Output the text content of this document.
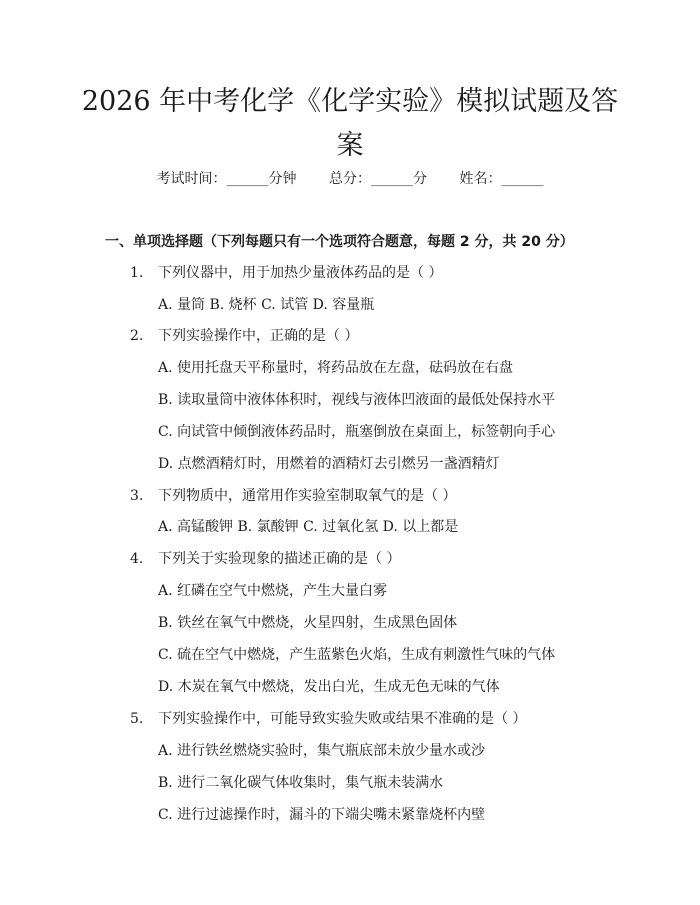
2026 年中考化学《化学实验》模拟试题及答
案
考试时间：______分钟 总分：______分 姓名：______
一、单项选择题（下列每题只有一个选项符合题意，每题 2 分，共 20 分）
1. 下列仪器中，用于加热少量液体药品的是（ ）
A. 量筒 B. 烧杯 C. 试管 D. 容量瓶
2. 下列实验操作中，正确的是（ ）
A. 使用托盘天平称量时，将药品放在左盘，砝码放在右盘
B. 读取量筒中液体体积时，视线与液体凹液面的最低处保持水平
C. 向试管中倾倒液体药品时，瓶塞倒放在桌面上，标签朝向手心
D. 点燃酒精灯时，用燃着的酒精灯去引燃另一盏酒精灯
3. 下列物质中，通常用作实验室制取氧气的是（ ）
A. 高锰酸钾 B. 氯酸钾 C. 过氧化氢 D. 以上都是
4. 下列关于实验现象的描述正确的是（ ）
A. 红磷在空气中燃烧，产生大量白雾
B. 铁丝在氧气中燃烧，火星四射，生成黑色固体
C. 硫在空气中燃烧，产生蓝紫色火焰，生成有刺激性气味的气体
D. 木炭在氧气中燃烧，发出白光，生成无色无味的气体
5. 下列实验操作中，可能导致实验失败或结果不准确的是（ ）
A. 进行铁丝燃烧实验时，集气瓶底部未放少量水或沙
B. 进行二氧化碳气体收集时，集气瓶未装满水
C. 进行过滤操作时，漏斗的下端尖嘴未紧靠烧杯内壁
